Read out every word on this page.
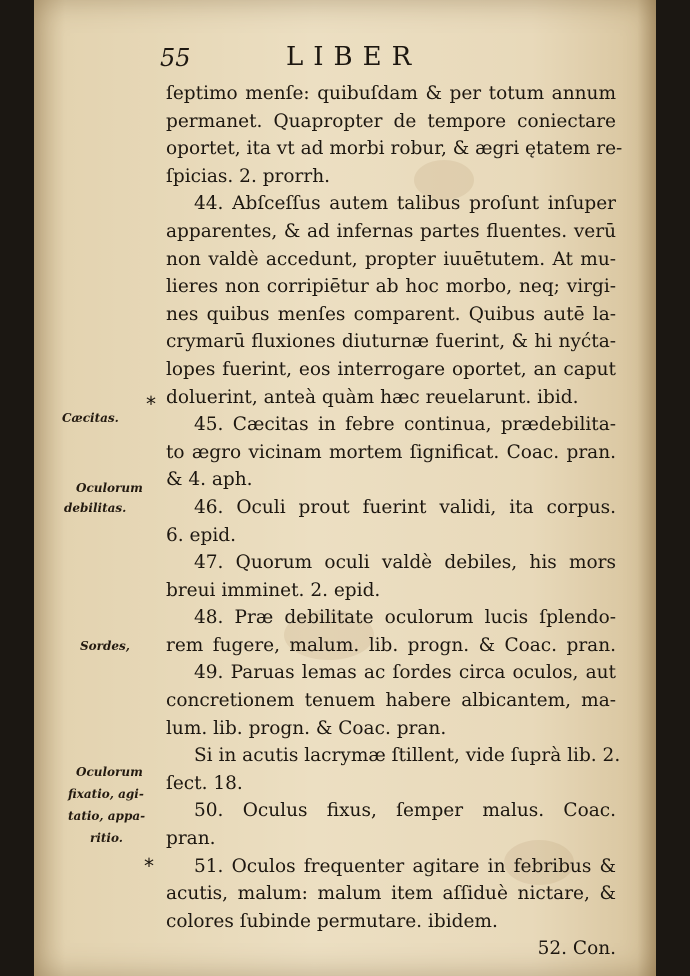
55	LIBER
ſeptimo menſe: quibuſdam & per totum annum
permanet. Quapropter de tempore coniectare
oportet, ita vt ad morbi robur, & ægri ętatem re-
ſpicias. 2. prorrh.
44. Abſceſſus autem talibus proſunt inſuper
apparentes, & ad infernas partes fluentes. verū
non valdè accedunt, propter iuuētutem. At mu-
lieres non corripiētur ab hoc morbo, neq; virgi-
nes quibus menſes comparent. Quibus autē la-
crymarū fluxiones diuturnæ fuerint, & hi nyćta-
lopes fuerint, eos interrogare oportet, an caput
doluerint, anteà quàm hæc reuelarunt. ibid.
45. Cæcitas in febre continua, prædebilita-
to ægro vicinam mortem ſignificat. Coac. pran.
& 4. aph.
46. Oculi prout fuerint validi, ita corpus.
6. epid.
47. Quorum oculi valdè debiles, his mors
breui imminet. 2. epid.
48. Præ debilitate oculorum lucis ſplendo-
rem fugere, malum. lib. progn. & Coac. pran.
49. Paruas lemas ac ſordes circa oculos, aut
concretionem tenuem habere albicantem, ma-
lum. lib. progn. & Coac. pran.
Si in acutis lacrymæ ſtillent, vide ſuprà lib. 2.
ſect. 18.
50. Oculus fixus, ſemper malus. Coac.
pran.
51. Oculos frequenter agitare in febribus &
acutis, malum: malum item aſſiduè nictare, &
colores ſubinde permutare. ibidem.
52. Con.
Cæcitas.
*
Oculorum
debilitas.
Sordes,
Oculorum
fixatio, agi-
tatio, appa-
ritio.
*
